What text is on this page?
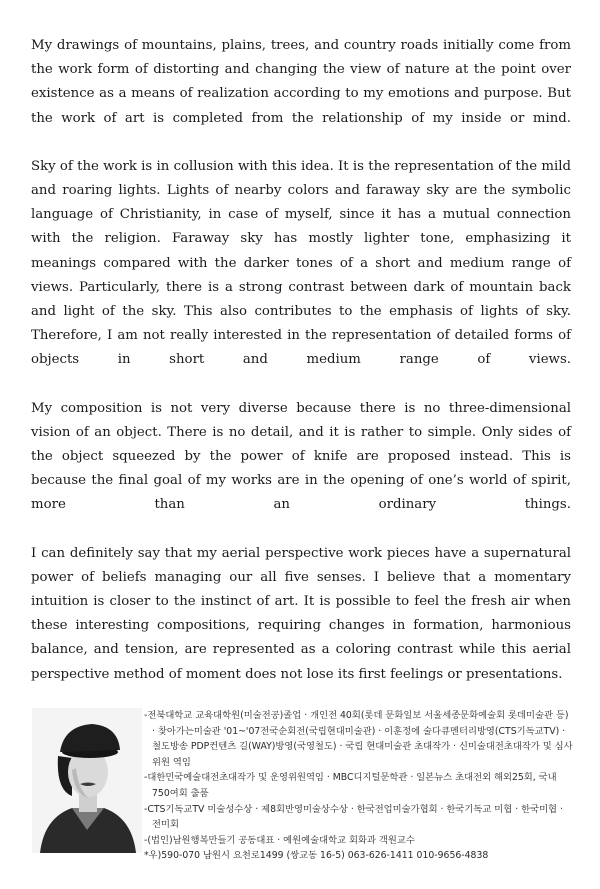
My drawings of mountains, plains, trees, and country roads initially come from the work form of distorting and changing the view of nature at the point over existence as a means of realization according to my emotions and purpose. But the work of art is completed from the relationship of my inside or mind.

Sky of the work is in collusion with this idea. It is the representation of the mild and roaring lights. Lights of nearby colors and faraway sky are the symbolic language of Christianity, in case of myself, since it has a mutual connection with the religion. Faraway sky has mostly lighter tone, emphasizing it meanings compared with the darker tones of a short and medium range of views. Particularly, there is a strong contrast between dark of mountain back and light of the sky. This also contributes to the emphasis of lights of sky. Therefore, I am not really interested in the representation of detailed forms of objects in short and medium range of views.

My composition is not very diverse because there is no three-dimensional vision of an object. There is no detail, and it is rather to simple. Only sides of the object squeezed by the power of knife are proposed instead. This is because the final goal of my works are in the opening of one’s world of spirit, more than an ordinary things.

I can definitely say that my aerial perspective work pieces have a supernatural power of beliefs managing our all five senses. I believe that a momentary intuition is closer to the instinct of art. It is possible to feel the fresh air when these interesting compositions, requiring changes in formation, harmonious balance, and tension, are represented as a coloring contrast while this aerial perspective method of moment does not lose its first feelings or presentations.

-전북대학교 교육대학원(미술전공)졸업 · 개인전 40회(롯데 문화일보 서울세종문화예술회 롯데미술관 등) · 찾아가는미술관 '01~'07전국순회전(국립현대미술관) · 이훈정에 술다큐멘터리방영(CTS기독교TV) · 철도방송 PDP컨텐츠 길(WAY)방영(국영철도) · 국립 현대미술관 초대작가 · 신미술대전초대작가 및 심사위원 역임

-대한민국예술대전초대작가 및 운영위원역임 · MBC디지털문학관 · 일본뉴스 초대전외 해외25회, 국내 750여회 출품

-CTS기독교TV 미술성수상 · 제8회반영미술상수상 · 한국전업미술가협회 · 한국기독교 미협 · 한국미협 · 전미회

-(법인)남원행복만들기 공동대표 · 예원예술대학교 회화과 객원교수

*우)590-070 남원시 요천로1499 (쌍교동 16-5) 063-626-1411 010-9656-4838
